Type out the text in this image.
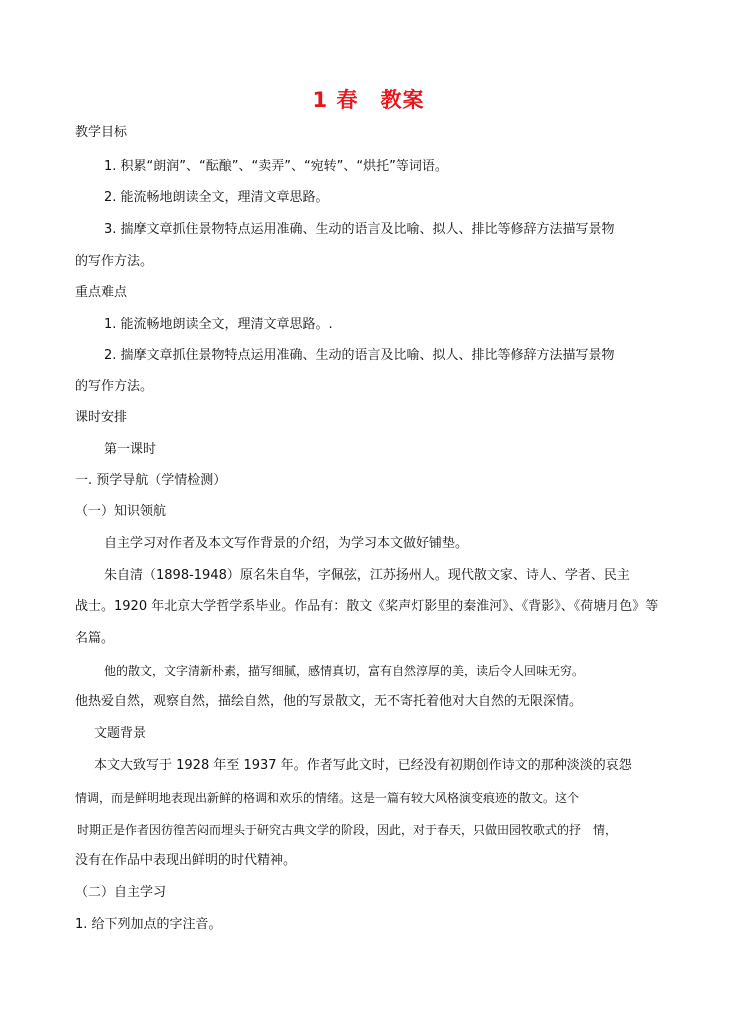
1 春　教案
教学目标
1. 积累“朗润”、“酝酿”、“卖弄”、“宛转”、“烘托”等词语。
2. 能流畅地朗读全文，理清文章思路。
3. 揣摩文章抓住景物特点运用准确、生动的语言及比喻、拟人、排比等修辞方法描写景物
的写作方法。
重点难点
1. 能流畅地朗读全文，理清文章思路。.
2. 揣摩文章抓住景物特点运用准确、生动的语言及比喻、拟人、排比等修辞方法描写景物
的写作方法。
课时安排
第一课时
一. 预学导航（学情检测）
（一）知识领航
自主学习对作者及本文写作背景的介绍，为学习本文做好铺垫。
朱自清（1898-1948）原名朱自华，字佩弦，江苏扬州人。现代散文家、诗人、学者、民主
战士。1920 年北京大学哲学系毕业。作品有：散文《桨声灯影里的秦淮河》、《背影》、《荷塘月色》等
名篇。
他的散文，文字清新朴素，描写细腻，感情真切，富有自然淳厚的美，读后令人回味无穷。
他热爱自然，观察自然，描绘自然，他的写景散文，无不寄托着他对大自然的无限深情。
文题背景
本文大致写于 1928 年至 1937 年。作者写此文时，已经没有初期创作诗文的那种淡淡的哀怨
情调，而是鲜明地表现出新鲜的格调和欢乐的情绪。这是一篇有较大风格演变痕迹的散文。这个
时期正是作者因彷徨苦闷而埋头于研究古典文学的阶段，因此，对于春天，只做田园牧歌式的抒　情，
没有在作品中表现出鲜明的时代精神。
（二）自主学习
1. 给下列加点的字注音。
